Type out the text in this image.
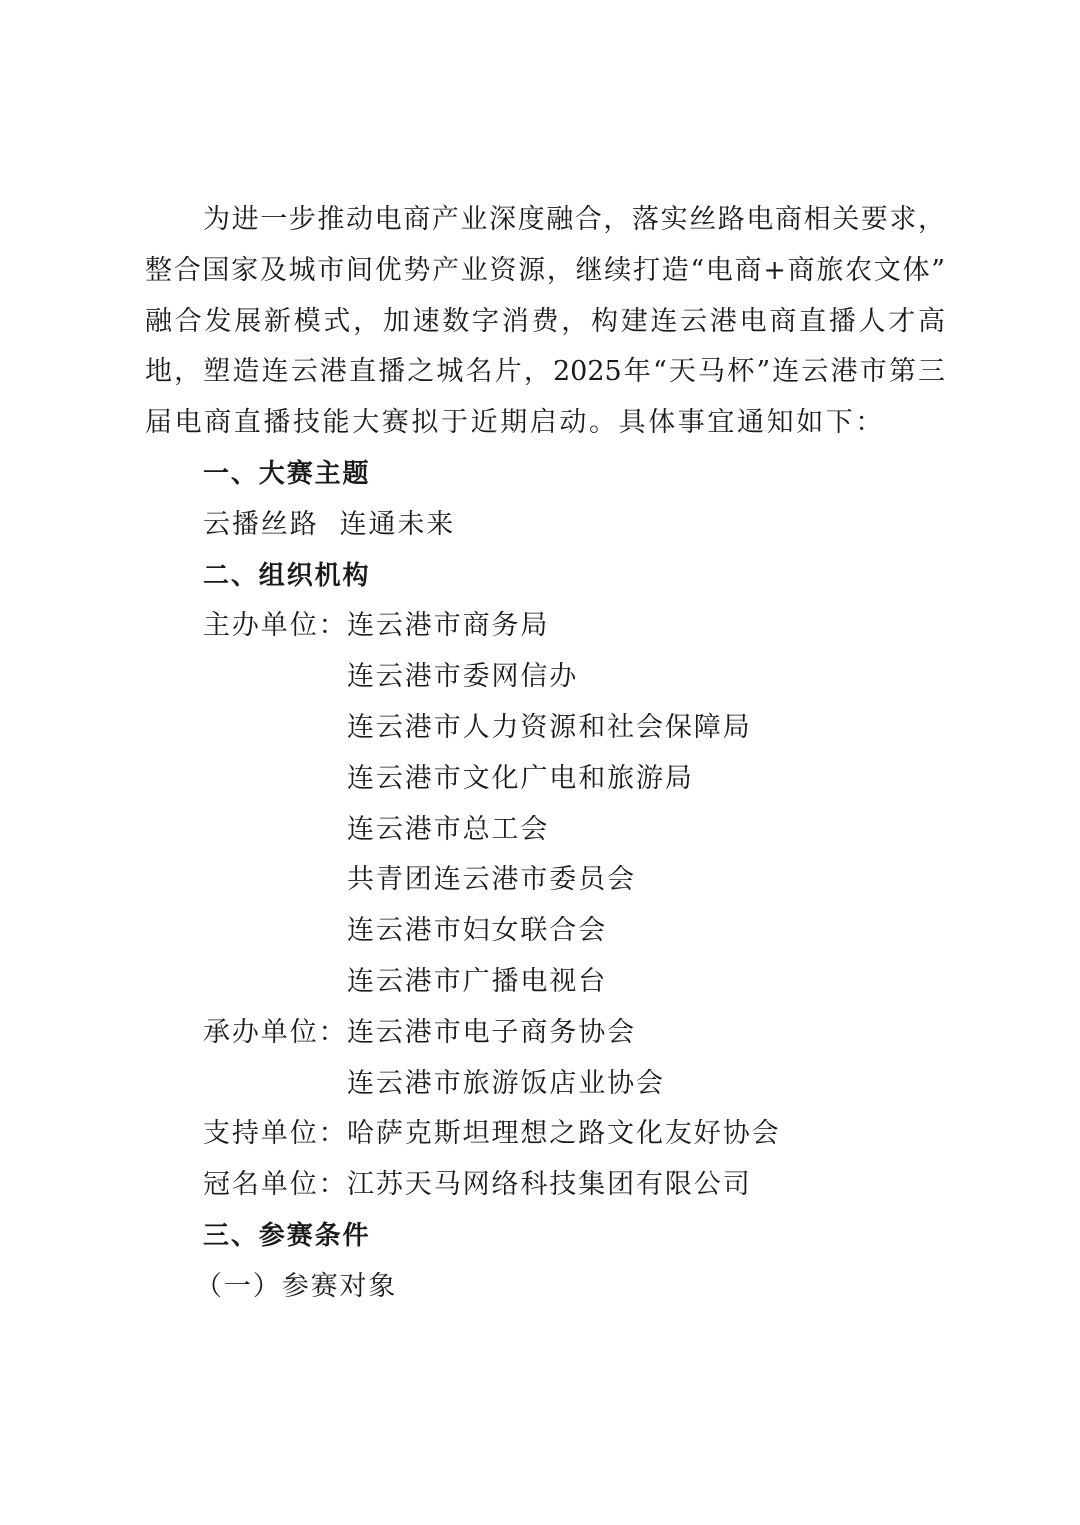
为进一步推动电商产业深度融合，落实丝路电商相关要求，
整合国家及城市间优势产业资源，继续打造“电商+商旅农文体”
融合发展新模式，加速数字消费，构建连云港电商直播人才高
地，塑造连云港直播之城名片，2025年“天马杯”连云港市第三
届电商直播技能大赛拟于近期启动。具体事宜通知如下：
一、大赛主题
云播丝路  连通未来
二、组织机构
主办单位：连云港市商务局
连云港市委网信办
连云港市人力资源和社会保障局
连云港市文化广电和旅游局
连云港市总工会
共青团连云港市委员会
连云港市妇女联合会
连云港市广播电视台
承办单位：连云港市电子商务协会
连云港市旅游饭店业协会
支持单位：哈萨克斯坦理想之路文化友好协会
冠名单位：江苏天马网络科技集团有限公司
三、参赛条件
（一）参赛对象
